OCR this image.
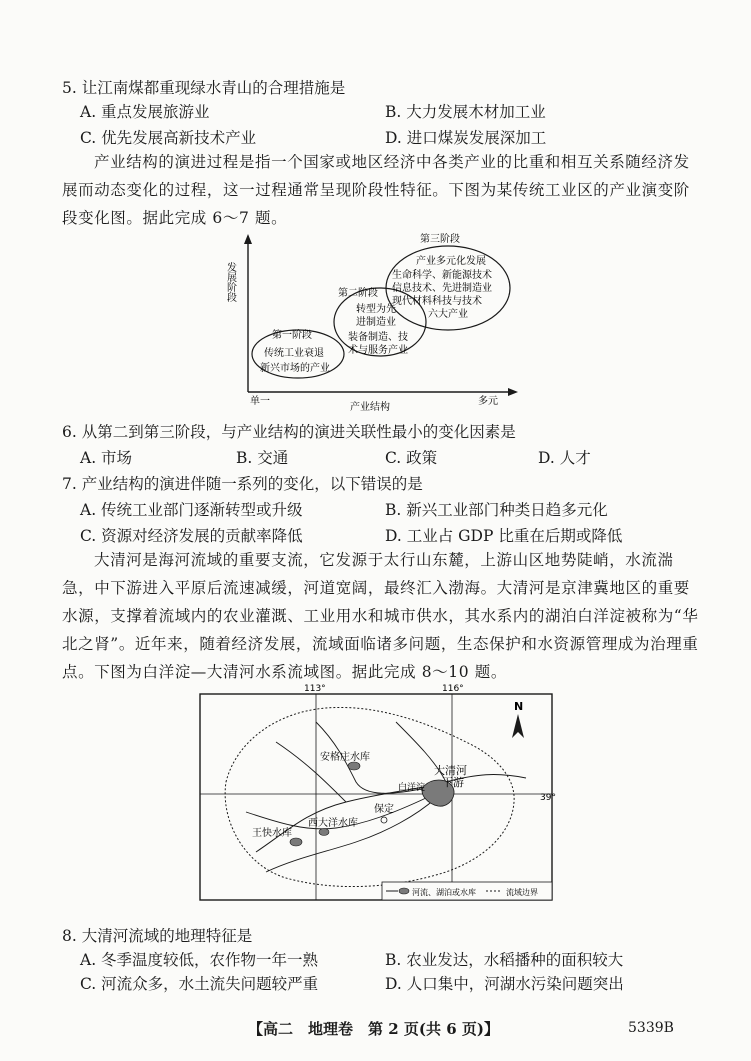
5. 让江南煤都重现绿水青山的合理措施是
A. 重点发展旅游业	B. 大力发展木材加工业
C. 优先发展高新技术产业	D. 进口煤炭发展深加工
产业结构的演进过程是指一个国家或地区经济中各类产业的比重和相互关系随经济发展而动态变化的过程，这一过程通常呈现阶段性特征。下图为某传统工业区的产业演变阶段变化图。据此完成 6～7 题。
发展阶段
产业结构
单一	多元
第一阶段
传统工业衰退
新兴市场的产业
第二阶段
转型为先
进制造业
装备制造、技
术与服务产业
第三阶段
产业多元化发展
生命科学、新能源技术
信息技术、先进制造业
现代材料科技与技术
六大产业
6. 从第二到第三阶段，与产业结构的演进关联性最小的变化因素是
A. 市场	B. 交通	C. 政策	D. 人才
7. 产业结构的演进伴随一系列的变化，以下错误的是
A. 传统工业部门逐渐转型或升级	B. 新兴工业部门种类日趋多元化
C. 资源对经济发展的贡献率降低	D. 工业占 GDP 比重在后期或降低
大清河是海河流域的重要支流，它发源于太行山东麓，上游山区地势陡峭，水流湍急，中下游进入平原后流速减缓，河道宽阔，最终汇入渤海。大清河是京津冀地区的重要水源，支撑着流域内的农业灌溉、工业用水和城市供水，其水系内的湖泊白洋淀被称为“华北之肾”。近年来，随着经济发展，流域面临诸多问题，生态保护和水资源管理成为治理重点。下图为白洋淀—大清河水系流域图。据此完成 8～10 题。
113°	116°
39°
安格庄水库
大清河
下游
白洋淀
保定
王快水库
西大洋水库
N
河流、湖泊或水库	流域边界
8. 大清河流域的地理特征是
A. 冬季温度较低，农作物一年一熟	B. 农业发达，水稻播种的面积较大
C. 河流众多，水土流失问题较严重	D. 人口集中，河湖水污染问题突出
【高二　地理卷　第 2 页(共 6 页)】	5339B
